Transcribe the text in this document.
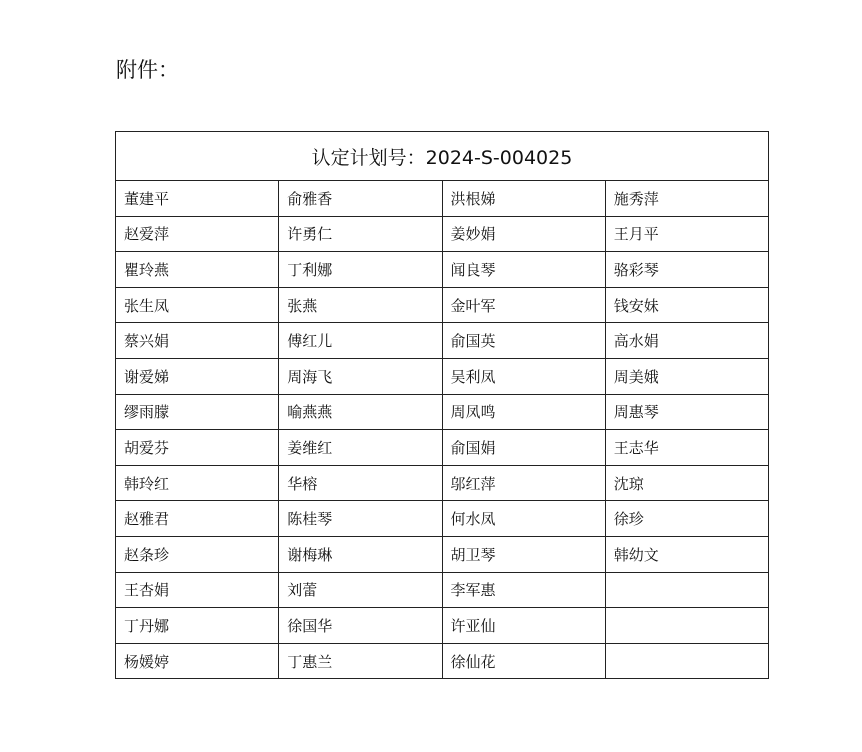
附件：
认定计划号：2024-S-004025			
董建平	俞雅香	洪根娣	施秀萍
赵爱萍	许勇仁	姜妙娟	王月平
瞿玲燕	丁利娜	闻良琴	骆彩琴
张生凤	张燕	金叶军	钱安妹
蔡兴娟	傅红儿	俞国英	高水娟
谢爱娣	周海飞	吴利凤	周美娥
缪雨朦	喻燕燕	周凤鸣	周惠琴
胡爱芬	姜维红	俞国娟	王志华
韩玲红	华榕	邬红萍	沈琼
赵雅君	陈桂琴	何水凤	徐珍
赵条珍	谢梅琳	胡卫琴	韩幼文
王杏娟	刘蕾	李军惠	
丁丹娜	徐国华	许亚仙	
杨媛婷	丁惠兰	徐仙花	
